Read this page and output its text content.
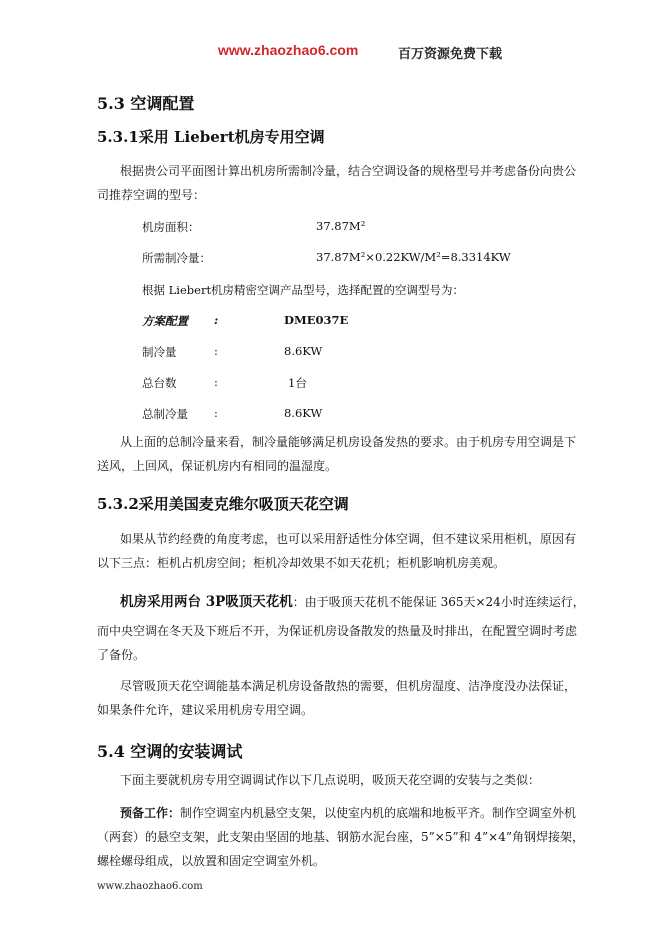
www.zhaozhao6.com	百万资源免费下载
5.3 空调配置
5.3.1采用 Liebert机房专用空调
根据贵公司平面图计算出机房所需制冷量，结合空调设备的规格型号并考虑备份向贵公
司推荐空调的型号：
机房面积：	37.87M²
所需制冷量：	37.87M²×0.22KW/M²=8.3314KW
根据 Liebert机房精密空调产品型号，选择配置的空调型号为：
方案配置 :	DME037E
制冷量	:	8.6KW
总台数	:	1台
总制冷量 :	8.6KW
从上面的总制冷量来看，制冷量能够满足机房设备发热的要求。由于机房专用空调是下
送风，上回风，保证机房内有相同的温湿度。
5.3.2采用美国麦克维尔吸顶天花空调
如果从节约经费的角度考虑，也可以采用舒适性分体空调，但不建议采用柜机，原因有
以下三点：柜机占机房空间；柜机冷却效果不如天花机；柜机影响机房美观。
机房采用两台 3P吸顶天花机：由于吸顶天花机不能保证 365天×24小时连续运行，
而中央空调在冬天及下班后不开，为保证机房设备散发的热量及时排出，在配置空调时考虑
了备份。
尽管吸顶天花空调能基本满足机房设备散热的需要，但机房湿度、洁净度没办法保证，
如果条件允许，建议采用机房专用空调。
5.4 空调的安装调试
下面主要就机房专用空调调试作以下几点说明，吸顶天花空调的安装与之类似：
预备工作：制作空调室内机悬空支架，以使室内机的底端和地板平齐。制作空调室外机
（两套）的悬空支架，此支架由坚固的地基、钢筋水泥台座，5”×5”和 4”×4”角钢焊接架，
螺栓螺母组成，以放置和固定空调室外机。
www.zhaozhao6.com
